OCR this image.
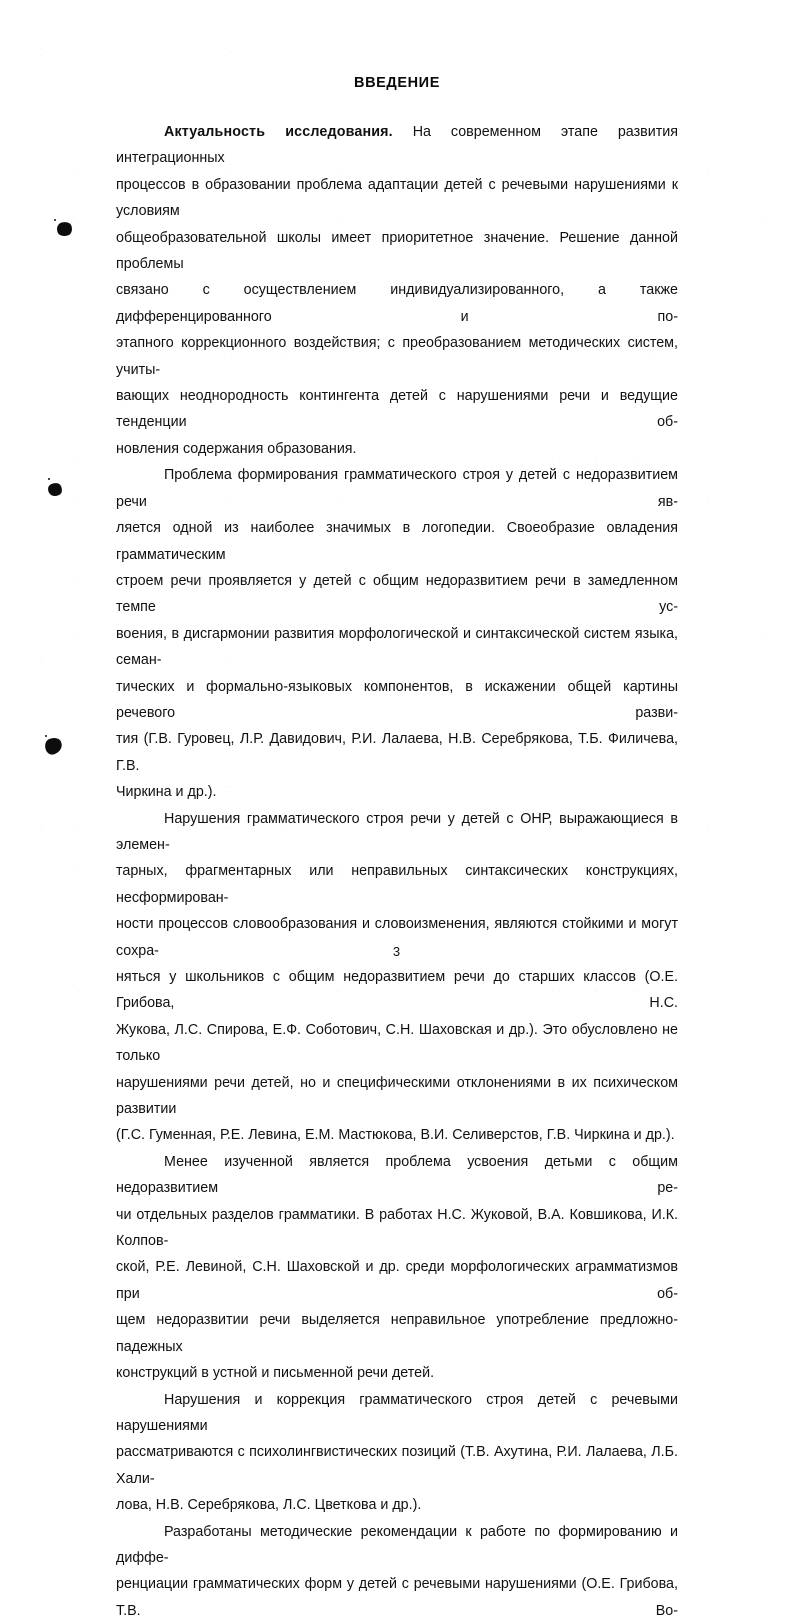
ВВЕДЕНИЕ

Актуальность исследования. На современном этапе развития интеграционных
процессов в образовании проблема адаптации детей с речевыми нарушениями к условиям
общеобразовательной школы имеет приоритетное значение. Решение данной проблемы
связано с осуществлением индивидуализированного, а также дифференцированного и по-
этапного коррекционного воздействия; с преобразованием методических систем, учиты-
вающих неоднородность контингента детей с нарушениями речи и ведущие тенденции об-
новления содержания образования.

Проблема формирования грамматического строя у детей с недоразвитием речи яв-
ляется одной из наиболее значимых в логопедии. Своеобразие овладения грамматическим
строем речи проявляется у детей с общим недоразвитием речи в замедленном темпе ус-
воения, в дисгармонии развития морфологической и синтаксической систем языка, семан-
тических и формально-языковых компонентов, в искажении общей картины речевого разви-
тия (Г.В. Гуровец, Л.Р. Давидович, Р.И. Лалаева, Н.В. Серебрякова, Т.Б. Филичева, Г.В.
Чиркина и др.).

Нарушения грамматического строя речи у детей с ОНР, выражающиеся в элемен-
тарных, фрагментарных или неправильных синтаксических конструкциях, несформирован-
ности процессов словообразования и словоизменения, являются стойкими и могут сохра-
няться у школьников с общим недоразвитием речи до старших классов (О.Е. Грибова, Н.С.
Жукова, Л.С. Спирова, Е.Ф. Соботович, С.Н. Шаховская и др.). Это обусловлено не только
нарушениями речи детей, но и специфическими отклонениями в их психическом развитии
(Г.С. Гуменная, Р.Е. Левина, Е.М. Мастюкова, В.И. Селиверстов, Г.В. Чиркина и др.).

Менее изученной является проблема усвоения детьми с общим недоразвитием ре-
чи отдельных разделов грамматики. В работах Н.С. Жуковой, В.А. Ковшикова, И.К. Колпов-
ской, Р.Е. Левиной, С.Н. Шаховской и др. среди морфологических аграмматизмов при об-
щем недоразвитии речи выделяется неправильное употребление предложно-падежных
конструкций в устной и письменной речи детей.

Нарушения и коррекция грамматического строя детей с речевыми нарушениями
рассматриваются с психолингвистических позиций (Т.В. Ахутина, Р.И. Лалаева, Л.Б. Хали-
лова, Н.В. Серебрякова, Л.С. Цветкова и др.).

Разработаны методические рекомендации к работе по формированию и диффе-
ренциации грамматических форм у детей с речевыми нарушениями (О.Е. Грибова, Т.В. Во-

3
